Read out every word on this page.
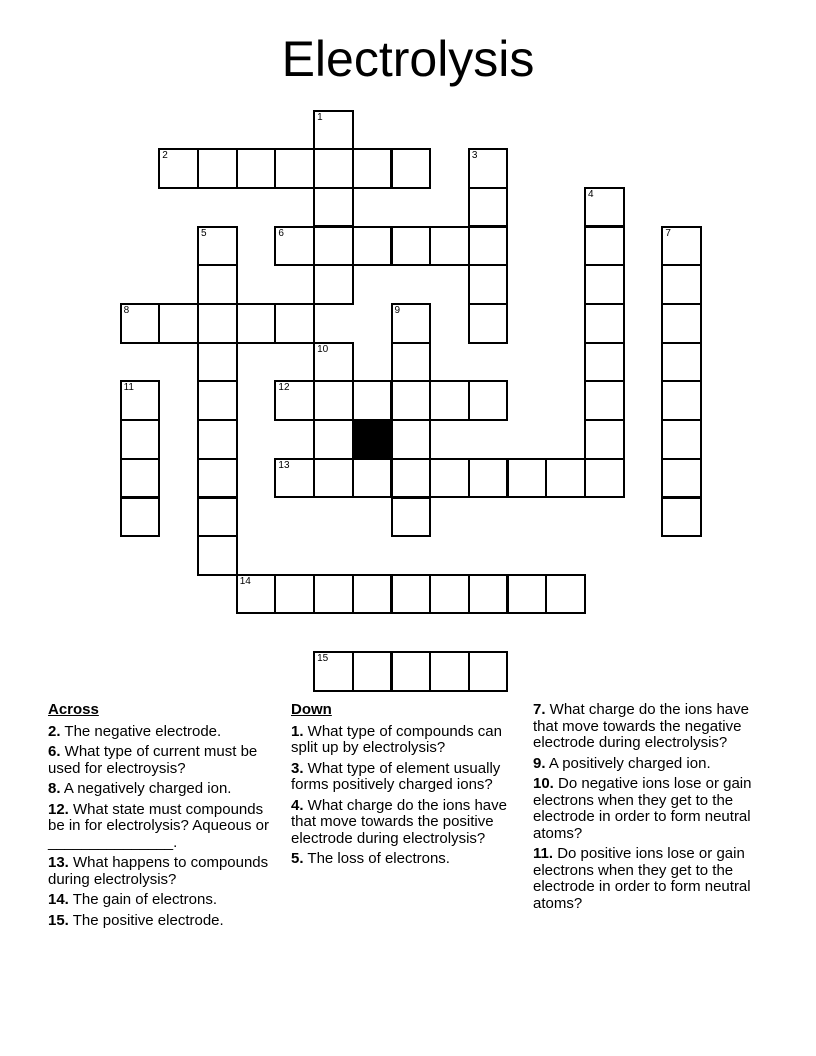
Electrolysis
1
2	3
4
5	6	7
8	9
10
11	12
13
14
15
Across
2. The negative electrode.
6. What type of current must be used for electroysis?
8. A negatively charged ion.
12. What state must compounds be in for electrolysis? Aqueous or _______________.
13. What happens to compounds during electrolysis?
14. The gain of electrons.
15. The positive electrode.
Down
1. What type of compounds can split up by electrolysis?
3. What type of element usually forms positively charged ions?
4. What charge do the ions have that move towards the positive electrode during electrolysis?
5. The loss of electrons.
7. What charge do the ions have that move towards the negative electrode during electrolysis?
9. A positively charged ion.
10. Do negative ions lose or gain electrons when they get to the electrode in order to form neutral atoms?
11. Do positive ions lose or gain electrons when they get to the electrode in order to form neutral atoms?
